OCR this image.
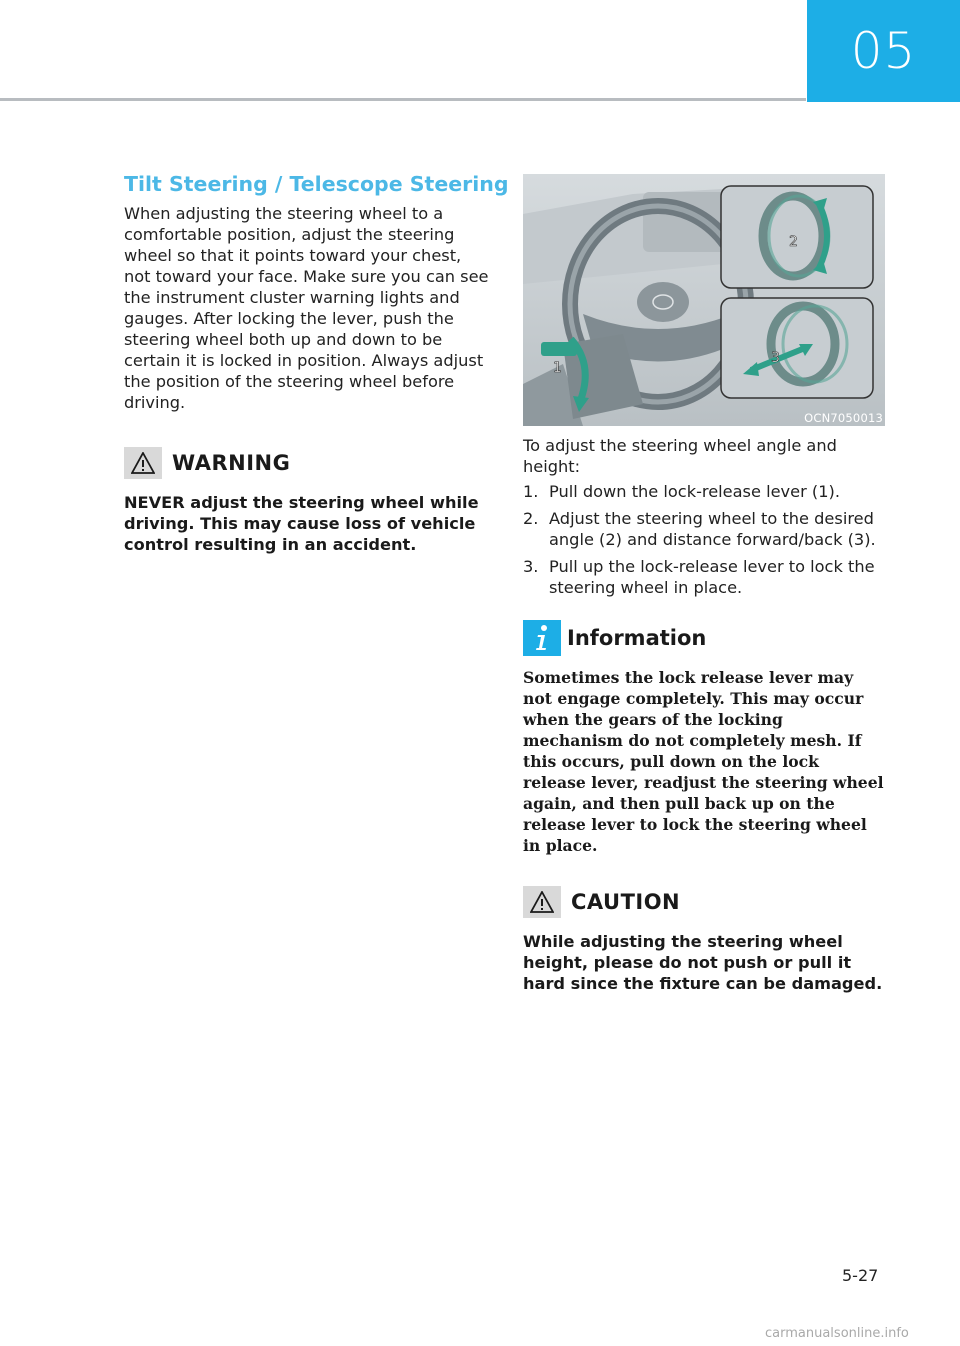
05
Tilt Steering / Telescope Steering

When adjusting the steering wheel to a comfortable position, adjust the steering wheel so that it points toward your chest, not toward your face. Make sure you can see the instrument cluster warning lights and gauges. After locking the lever, push the steering wheel both up and down to be certain it is locked in position. Always adjust the position of the steering wheel before driving.

WARNING

NEVER adjust the steering wheel while driving. This may cause loss of vehicle control resulting in an accident.

1
2
3
OCN7050013

To adjust the steering wheel angle and height:

1. Pull down the lock-release lever (1).
2. Adjust the steering wheel to the desired angle (2) and distance forward/back (3).
3. Pull up the lock-release lever to lock the steering wheel in place.
Information

Sometimes the lock release lever may not engage completely. This may occur when the gears of the locking mechanism do not completely mesh. If this occurs, pull down on the lock release lever, readjust the steering wheel again, and then pull back up on the release lever to lock the steering wheel in place.

CAUTION

While adjusting the steering wheel height, please do not push or pull it hard since the fixture can be damaged.

5-27
carmanualsonline.info
